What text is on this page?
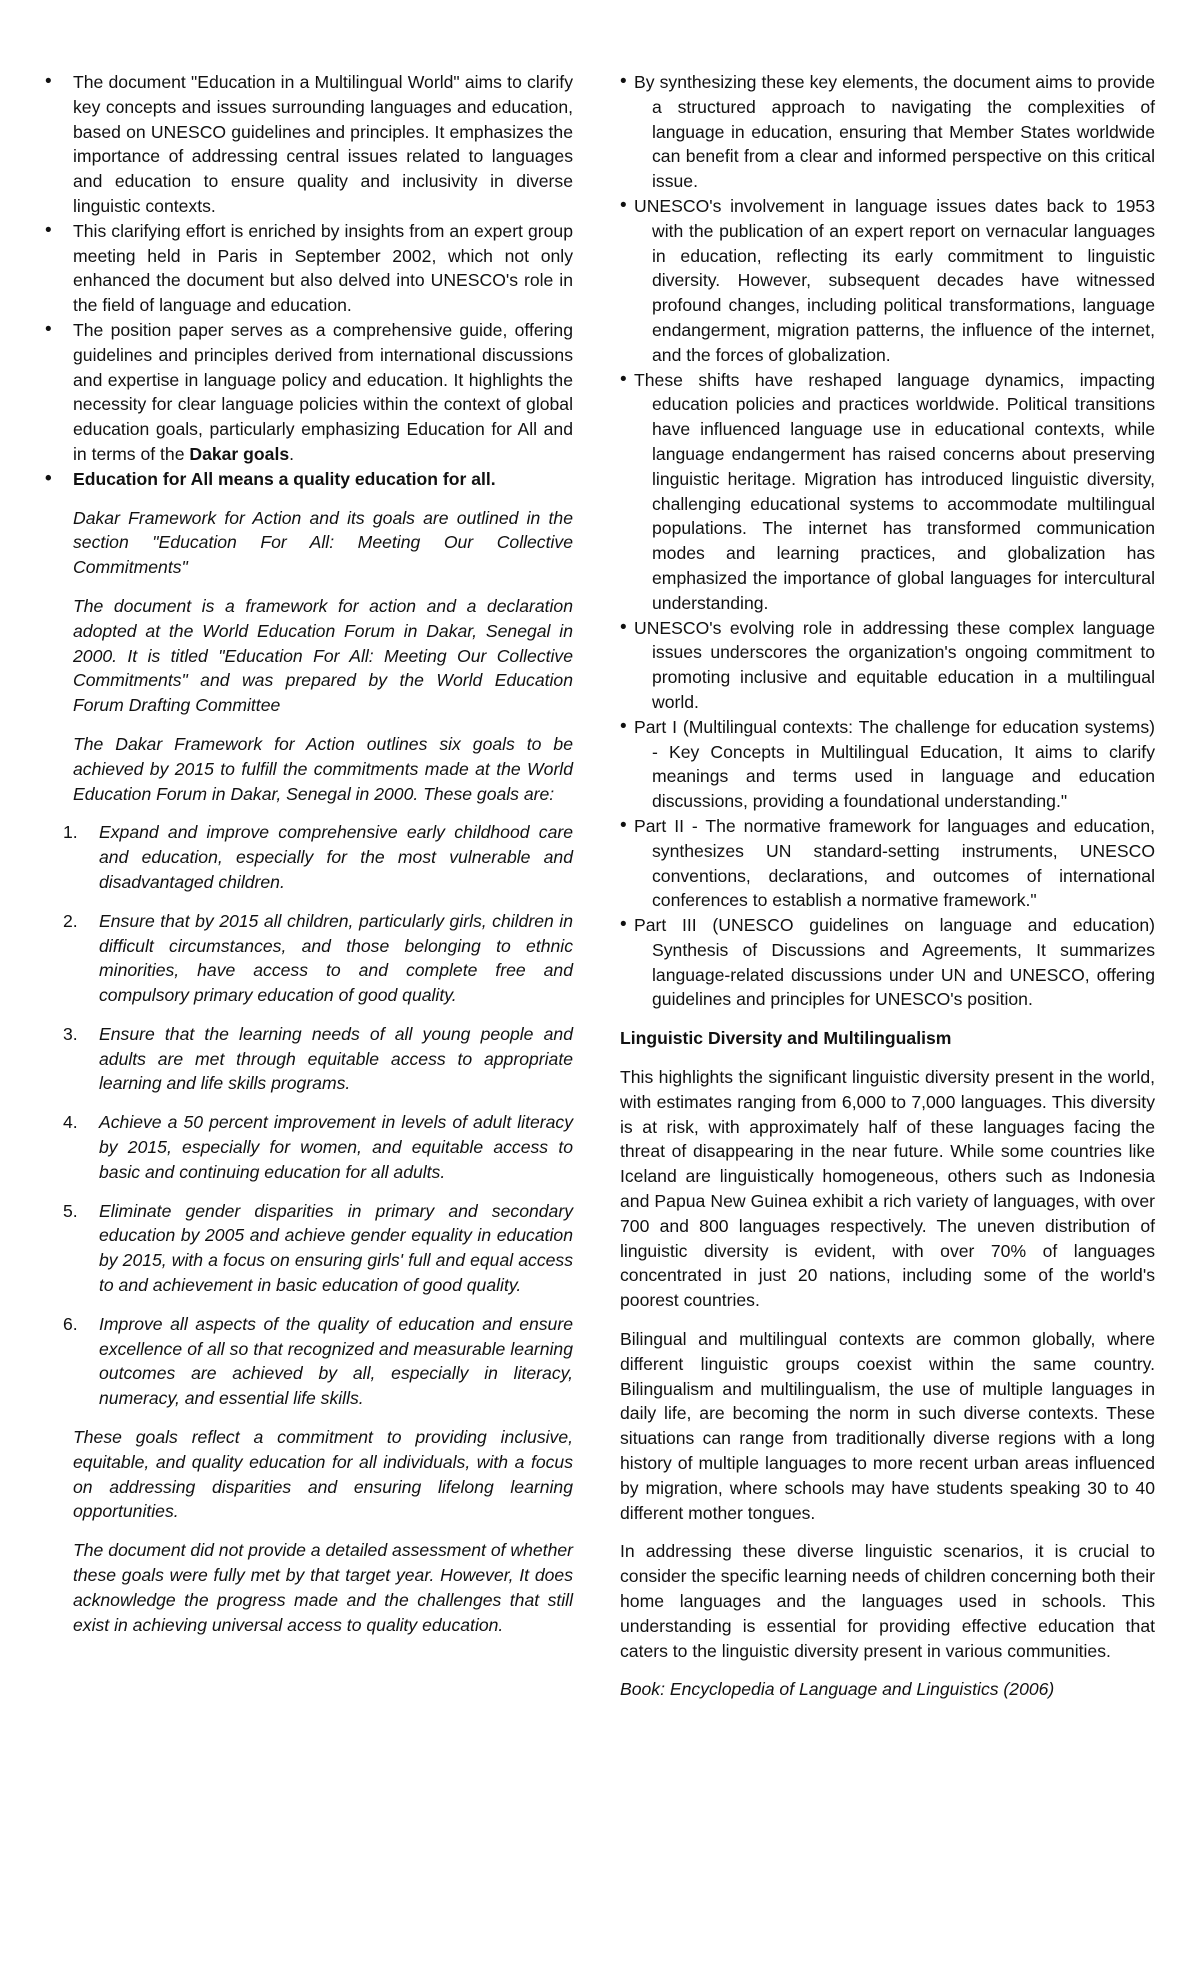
• The document "Education in a Multilingual World" aims to clarify key concepts and issues surrounding languages and education, based on UNESCO guidelines and principles. It emphasizes the importance of addressing central issues related to languages and education to ensure quality and inclusivity in diverse linguistic contexts.
• This clarifying effort is enriched by insights from an expert group meeting held in Paris in September 2002, which not only enhanced the document but also delved into UNESCO's role in the field of language and education.
• The position paper serves as a comprehensive guide, offering guidelines and principles derived from international discussions and expertise in language policy and education. It highlights the necessity for clear language policies within the context of global education goals, particularly emphasizing Education for All and in terms of the Dakar goals.
• Education for All means a quality education for all.

Dakar Framework for Action and its goals are outlined in the section "Education For All: Meeting Our Collective Commitments"

The document is a framework for action and a declaration adopted at the World Education Forum in Dakar, Senegal in 2000. It is titled "Education For All: Meeting Our Collective Commitments" and was prepared by the World Education Forum Drafting Committee

The Dakar Framework for Action outlines six goals to be achieved by 2015 to fulfill the commitments made at the World Education Forum in Dakar, Senegal in 2000. These goals are:

1. Expand and improve comprehensive early childhood care and education, especially for the most vulnerable and disadvantaged children.
2. Ensure that by 2015 all children, particularly girls, children in difficult circumstances, and those belonging to ethnic minorities, have access to and complete free and compulsory primary education of good quality.
3. Ensure that the learning needs of all young people and adults are met through equitable access to appropriate learning and life skills programs.
4. Achieve a 50 percent improvement in levels of adult literacy by 2015, especially for women, and equitable access to basic and continuing education for all adults.
5. Eliminate gender disparities in primary and secondary education by 2005 and achieve gender equality in education by 2015, with a focus on ensuring girls' full and equal access to and achievement in basic education of good quality.
6. Improve all aspects of the quality of education and ensure excellence of all so that recognized and measurable learning outcomes are achieved by all, especially in literacy, numeracy, and essential life skills.

These goals reflect a commitment to providing inclusive, equitable, and quality education for all individuals, with a focus on addressing disparities and ensuring lifelong learning opportunities.

The document did not provide a detailed assessment of whether these goals were fully met by that target year. However, It does acknowledge the progress made and the challenges that still exist in achieving universal access to quality education.

• By synthesizing these key elements, the document aims to provide a structured approach to navigating the complexities of language in education, ensuring that Member States worldwide can benefit from a clear and informed perspective on this critical issue.
• UNESCO's involvement in language issues dates back to 1953 with the publication of an expert report on vernacular languages in education, reflecting its early commitment to linguistic diversity. However, subsequent decades have witnessed profound changes, including political transformations, language endangerment, migration patterns, the influence of the internet, and the forces of globalization.
• These shifts have reshaped language dynamics, impacting education policies and practices worldwide. Political transitions have influenced language use in educational contexts, while language endangerment has raised concerns about preserving linguistic heritage. Migration has introduced linguistic diversity, challenging educational systems to accommodate multilingual populations. The internet has transformed communication modes and learning practices, and globalization has emphasized the importance of global languages for intercultural understanding.
• UNESCO's evolving role in addressing these complex language issues underscores the organization's ongoing commitment to promoting inclusive and equitable education in a multilingual world.
• Part I (Multilingual contexts: The challenge for education systems) - Key Concepts in Multilingual Education, It aims to clarify meanings and terms used in language and education discussions, providing a foundational understanding."
• Part II - The normative framework for languages and education, synthesizes UN standard-setting instruments, UNESCO conventions, declarations, and outcomes of international conferences to establish a normative framework."
• Part III (UNESCO guidelines on language and education) Synthesis of Discussions and Agreements, It summarizes language-related discussions under UN and UNESCO, offering guidelines and principles for UNESCO's position.
Linguistic Diversity and Multilingualism

This highlights the significant linguistic diversity present in the world, with estimates ranging from 6,000 to 7,000 languages. This diversity is at risk, with approximately half of these languages facing the threat of disappearing in the near future. While some countries like Iceland are linguistically homogeneous, others such as Indonesia and Papua New Guinea exhibit a rich variety of languages, with over 700 and 800 languages respectively. The uneven distribution of linguistic diversity is evident, with over 70% of languages concentrated in just 20 nations, including some of the world's poorest countries.

Bilingual and multilingual contexts are common globally, where different linguistic groups coexist within the same country. Bilingualism and multilingualism, the use of multiple languages in daily life, are becoming the norm in such diverse contexts. These situations can range from traditionally diverse regions with a long history of multiple languages to more recent urban areas influenced by migration, where schools may have students speaking 30 to 40 different mother tongues.

In addressing these diverse linguistic scenarios, it is crucial to consider the specific learning needs of children concerning both their home languages and the languages used in schools. This understanding is essential for providing effective education that caters to the linguistic diversity present in various communities.

Book: Encyclopedia of Language and Linguistics (2006)
